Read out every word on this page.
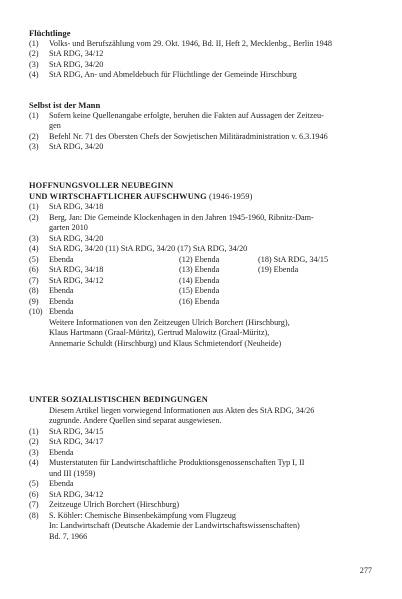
Flüchtlinge
(1)	Volks- und Berufszählung vom 29. Okt. 1946, Bd. II, Heft 2, Mecklenbg., Berlin 1948
(2)	StA RDG, 34/12
(3)	StA RDG, 34/20
(4)	StA RDG, An- und Abmeldebuch für Flüchtlinge der Gemeinde Hirschburg
Selbst ist der Mann
(1)	Sofern keine Quellenangabe erfolgte, beruhen die Fakten auf Aussagen der Zeitzeu-
gen
(2)	Befehl Nr. 71 des Obersten Chefs der Sowjetischen Militäradministration v. 6.3.1946
(3)	StA RDG, 34/20
HOFFNUNGSVOLLER NEUBEGINN
UND WIRTSCHAFTLICHER AUFSCHWUNG (1946-1959)
(1)	StA RDG, 34/18
(2)	Berg, Jan: Die Gemeinde Klockenhagen in den Jahren 1945-1960, Ribnitz-Dam-
garten 2010
(3)	StA RDG, 34/20
(4)	StA RDG, 34/20 (11) StA RDG, 34/20 (17) StA RDG, 34/20
(5) Ebenda	(12) Ebenda	(18) StA RDG, 34/15
(6) StA RDG, 34/18	(13) Ebenda	(19) Ebenda
(7) StA RDG, 34/12	(14) Ebenda
(8) Ebenda	(15) Ebenda
(9) Ebenda	(16) Ebenda
(10) Ebenda
Weitere Informationen von den Zeitzeugen Ulrich Borchert (Hirschburg),
Klaus Hartmann (Graal-Müritz), Gertrud Malowitz (Graal-Müritz),
Annemarie Schuldt (Hirschburg) und Klaus Schmietendorf (Neuheide)
UNTER SOZIALISTISCHEN BEDINGUNGEN
Diesem Artikel liegen vorwiegend Informationen aus Akten des StA RDG, 34/26
zugrunde. Andere Quellen sind separat ausgewiesen.
(1)	StA RDG, 34/15
(2)	StA RDG, 34/17
(3)	Ebenda
(4)	Musterstatuten für Landwirtschaftliche Produktionsgenossenschaften Typ I, II
und III (1959)
(5)	Ebenda
(6)	StA RDG, 34/12
(7)	Zeitzeuge Ulrich Borchert (Hirschburg)
(8)	S. Köhler: Chemische Binsenbekämpfung vom Flugzeug
In: Landwirtschaft (Deutsche Akademie der Landwirtschaftswissenschaften)
Bd. 7, 1966
277
